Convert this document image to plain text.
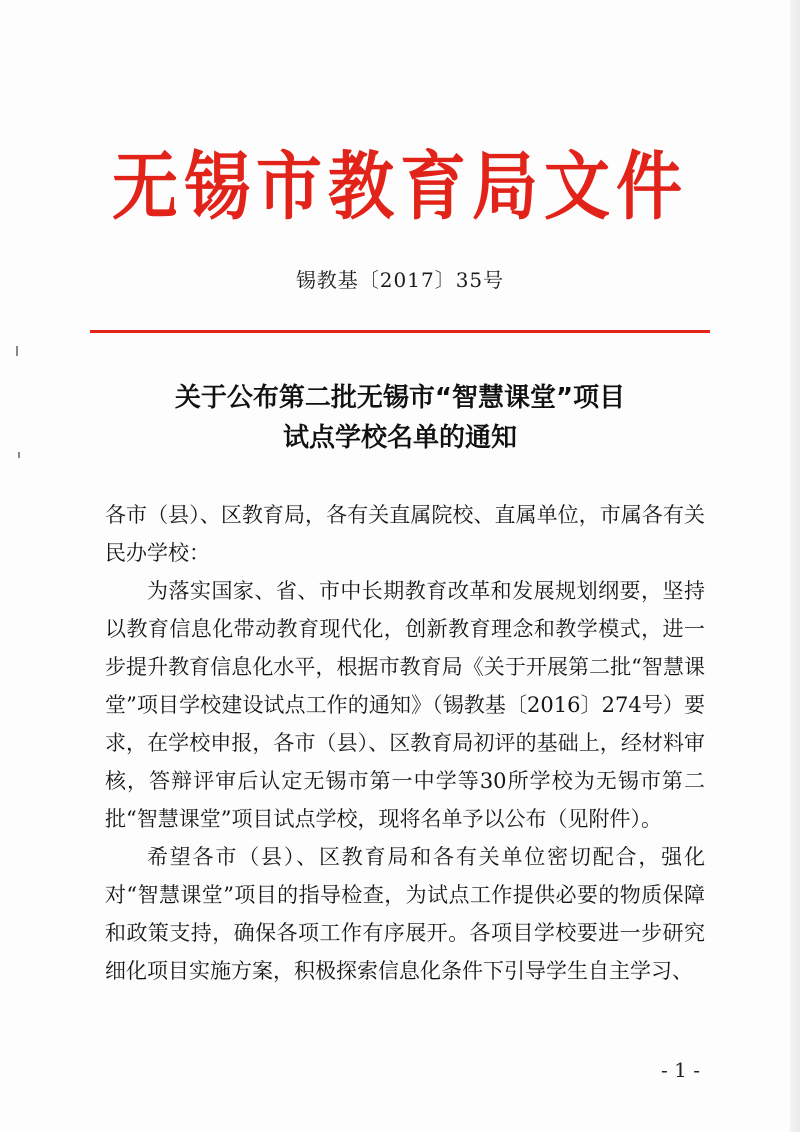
无锡市教育局文件
锡教基〔2017〕35号
关于公布第二批无锡市“智慧课堂”项目
试点学校名单的通知

各市（县）、区教育局，各有关直属院校、直属单位，市属各有关民办学校：

为落实国家、省、市中长期教育改革和发展规划纲要，坚持以教育信息化带动教育现代化，创新教育理念和教学模式，进一步提升教育信息化水平，根据市教育局《关于开展第二批“智慧课堂”项目学校建设试点工作的通知》（锡教基〔2016〕274号）要求，在学校申报，各市（县）、区教育局初评的基础上，经材料审核，答辩评审后认定无锡市第一中学等30所学校为无锡市第二批“智慧课堂”项目试点学校，现将名单予以公布（见附件）。

希望各市（县）、区教育局和各有关单位密切配合，强化对“智慧课堂”项目的指导检查，为试点工作提供必要的物质保障和政策支持，确保各项工作有序展开。各项目学校要进一步研究细化项目实施方案，积极探索信息化条件下引导学生自主学习、

- 1 -
